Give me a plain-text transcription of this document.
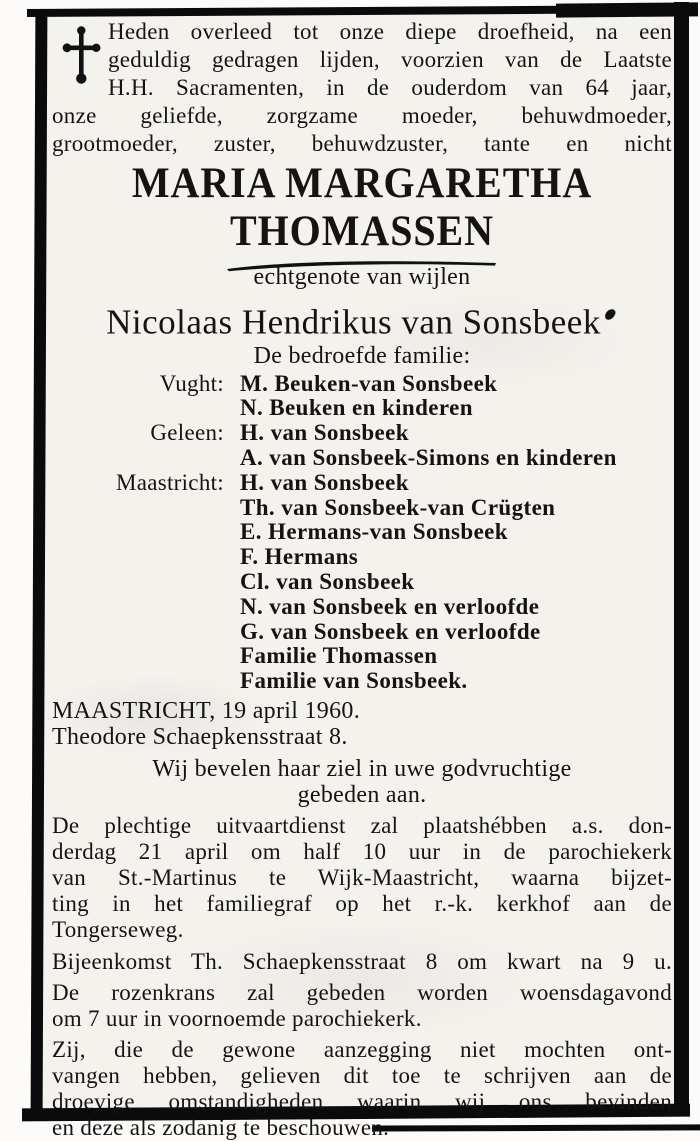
Heden overleed tot onze diepe droefheid, na een
geduldig gedragen lijden, voorzien van de Laatste
H.H. Sacramenten, in de ouderdom van 64 jaar,
onze geliefde, zorgzame moeder, behuwdmoeder,
grootmoeder, zuster, behuwdzuster, tante en nicht
MARIA MARGARETHA
THOMASSEN
echtgenote van wijlen
Nicolaas Hendrikus van Sonsbeek
De bedroefde familie:
Vught: M. Beuken-van Sonsbeek
N. Beuken en kinderen
Geleen: H. van Sonsbeek
A. van Sonsbeek-Simons en kinderen
Maastricht: H. van Sonsbeek
Th. van Sonsbeek-van Crügten
E. Hermans-van Sonsbeek
F. Hermans
Cl. van Sonsbeek
N. van Sonsbeek en verloofde
G. van Sonsbeek en verloofde
Familie Thomassen
Familie van Sonsbeek.
MAASTRICHT, 19 april 1960.
Theodore Schaepkensstraat 8.
Wij bevelen haar ziel in uwe godvruchtige
gebeden aan.
De plechtige uitvaartdienst zal plaatshébben a.s. don-
derdag 21 april om half 10 uur in de parochiekerk
van St.-Martinus te Wijk-Maastricht, waarna bijzet-
ting in het familiegraf op het r.-k. kerkhof aan de
Tongerseweg.
Bijeenkomst Th. Schaepkensstraat 8 om kwart na 9 u.
De rozenkrans zal gebeden worden woensdagavond
om 7 uur in voornoemde parochiekerk.
Zij, die de gewone aanzegging niet mochten ont-
vangen hebben, gelieven dit toe te schrijven aan de
droevige omstandigheden waarin wij ons bevinden
en deze als zodanig te beschouwen.
